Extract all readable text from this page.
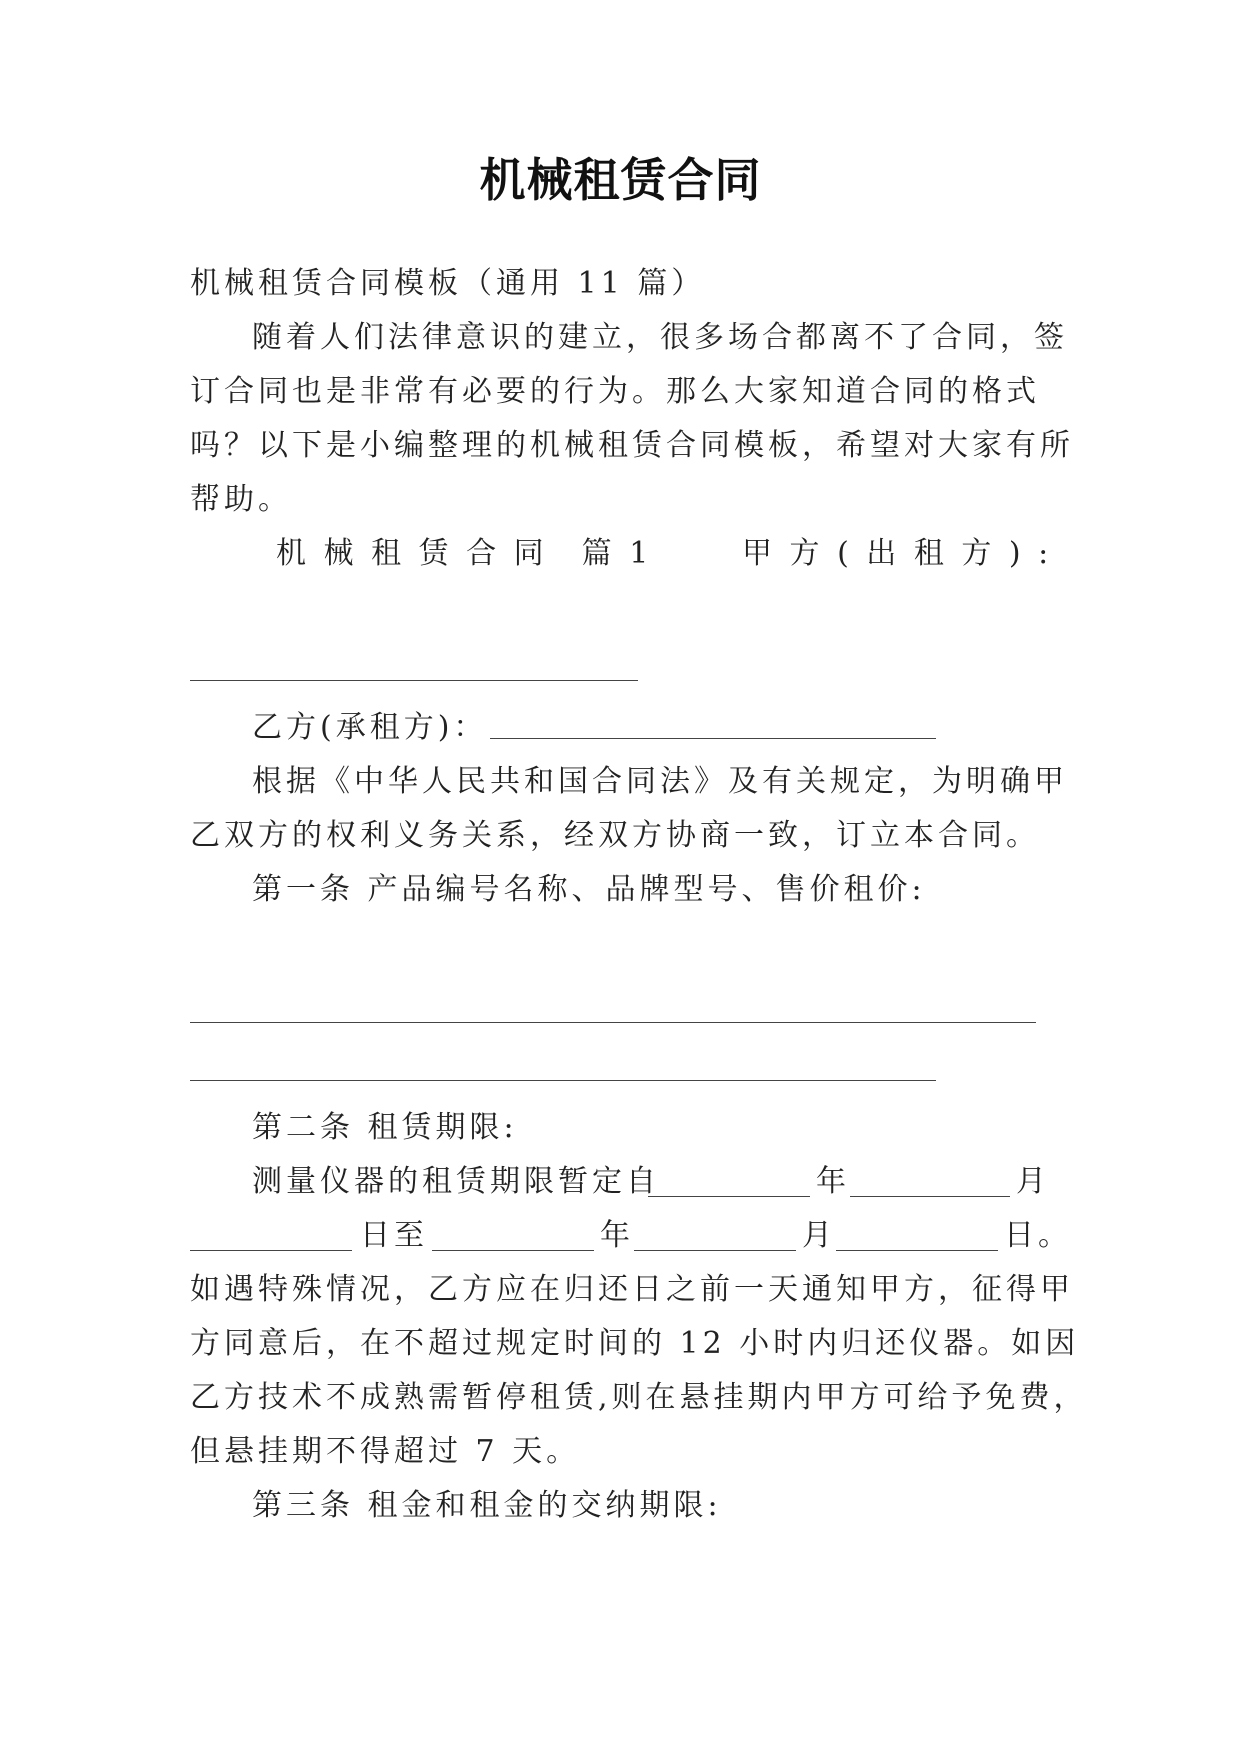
机械租赁合同
机械租赁合同模板（通用 11 篇）
随着人们法律意识的建立，很多场合都离不了合同，签
订合同也是非常有必要的行为。那么大家知道合同的格式
吗？以下是小编整理的机械租赁合同模板，希望对大家有所
帮助。
机 械 租 赁 合 同　篇 1	甲 方 ( 出 租 方 ) :
乙方(承租方)：
根据《中华人民共和国合同法》及有关规定，为明确甲
乙双方的权利义务关系，经双方协商一致，订立本合同。
第一条 产品编号名称、品牌型号、售价租价:
第二条 租赁期限:
测量仪器的租赁期限暂定自	年	月
日至	年	月	日。
如遇特殊情况，乙方应在归还日之前一天通知甲方，征得甲
方同意后，在不超过规定时间的 12 小时内归还仪器。如因
乙方技术不成熟需暂停租赁,则在悬挂期内甲方可给予免费，
但悬挂期不得超过 7 天。
第三条 租金和租金的交纳期限:
